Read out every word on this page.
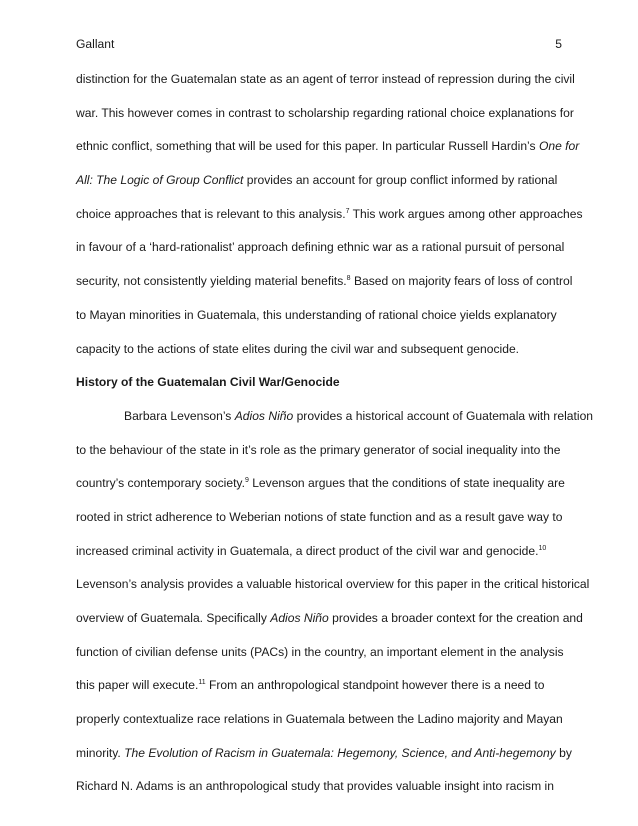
Gallant	5
distinction for the Guatemalan state as an agent of terror instead of repression during the civil
war. This however comes in contrast to scholarship regarding rational choice explanations for
ethnic conflict, something that will be used for this paper. In particular Russell Hardin’s One for
All: The Logic of Group Conflict provides an account for group conflict informed by rational
choice approaches that is relevant to this analysis.$^7$ This work argues among other approaches
in favour of a ‘hard-rationalist’ approach defining ethnic war as a rational pursuit of personal
security, not consistently yielding material benefits.$^8$ Based on majority fears of loss of control
to Mayan minorities in Guatemala, this understanding of rational choice yields explanatory
capacity to the actions of state elites during the civil war and subsequent genocide.
History of the Guatemalan Civil War/Genocide
Barbara Levenson’s Adios Niño provides a historical account of Guatemala with relation
to the behaviour of the state in it’s role as the primary generator of social inequality into the
country’s contemporary society.$^9$ Levenson argues that the conditions of state inequality are
rooted in strict adherence to Weberian notions of state function and as a result gave way to
increased criminal activity in Guatemala, a direct product of the civil war and genocide.$^{10}$
Levenson’s analysis provides a valuable historical overview for this paper in the critical historical
overview of Guatemala. Specifically Adios Niño provides a broader context for the creation and
function of civilian defense units (PACs) in the country, an important element in the analysis
this paper will execute.$^{11}$ From an anthropological standpoint however there is a need to
properly contextualize race relations in Guatemala between the Ladino majority and Mayan
minority. The Evolution of Racism in Guatemala: Hegemony, Science, and Anti-hegemony by
Richard N. Adams is an anthropological study that provides valuable insight into racism in
